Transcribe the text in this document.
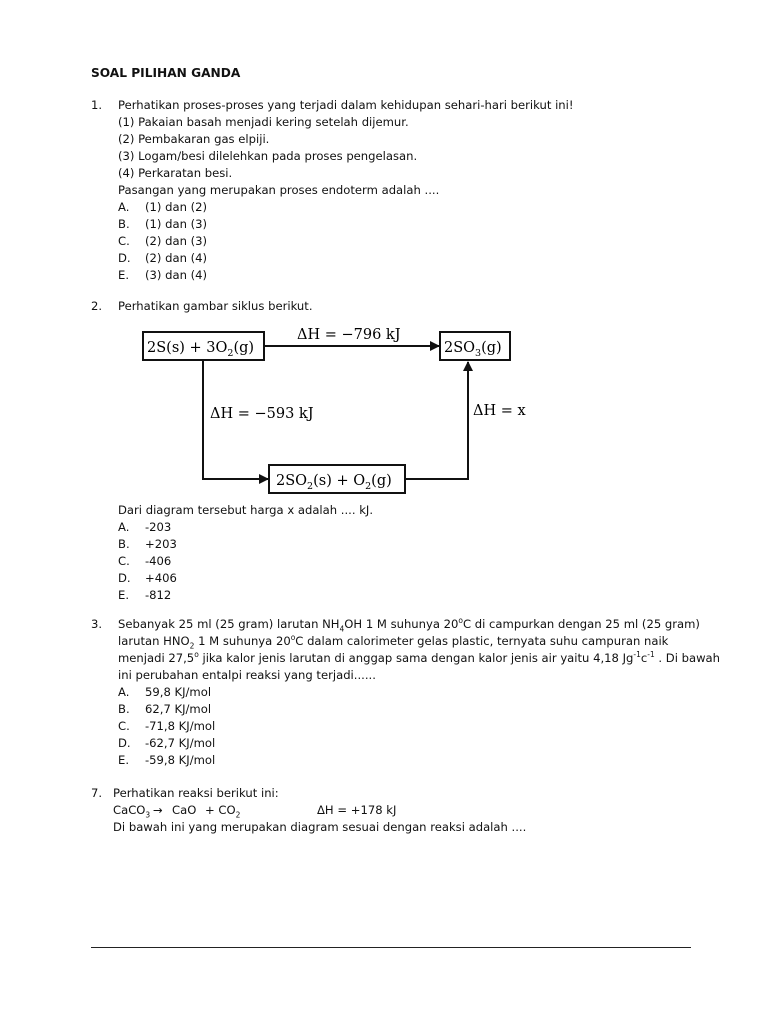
SOAL PILIHAN GANDA
1.	Perhatikan proses-proses yang terjadi dalam kehidupan sehari-hari berikut ini!
(1) Pakaian basah menjadi kering setelah dijemur.
(2) Pembakaran gas elpiji.
(3) Logam/besi dilelehkan pada proses pengelasan.
(4) Perkaratan besi.
Pasangan yang merupakan proses endoterm adalah ....
A. (1) dan (2)
B. (1) dan (3)
C. (2) dan (3)
D. (2) dan (4)
E. (3) dan (4)
2.	Perhatikan gambar siklus berikut.
$2S(s) + 3O_2(g)$	$2SO_3(g)$
$2SO_2(s) + O_2(g)$
ΔH = −796 kJ
ΔH = −593 kJ	ΔH = x
Dari diagram tersebut harga x adalah .... kJ.
A. -203
B. +203
C. -406
D. +406
E. -812
3.	Sebanyak 25 ml (25 gram) larutan $NH_4OH$ 1 M suhunya 20$^o$C di campurkan dengan 25 ml (25 gram)
larutan $HNO_2$ 1 M suhunya 20$^o$C dalam calorimeter gelas plastic, ternyata suhu campuran naik
menjadi 27,5$^o$ jika kalor jenis larutan di anggap sama dengan kalor jenis air yaitu 4,18 $Jg^{-1}c^{-1}$ . Di bawah
ini perubahan entalpi reaksi yang terjadi......
A. 59,8 KJ/mol
B. 62,7 KJ/mol
C. -71,8 KJ/mol
D. -62,7 KJ/mol
E. -59,8 KJ/mol
7. Perhatikan reaksi berikut ini:
CaCO$_3$ → CaO + $CO_2$	ΔH = +178 kJ
Di bawah ini yang merupakan diagram sesuai dengan reaksi adalah ....
